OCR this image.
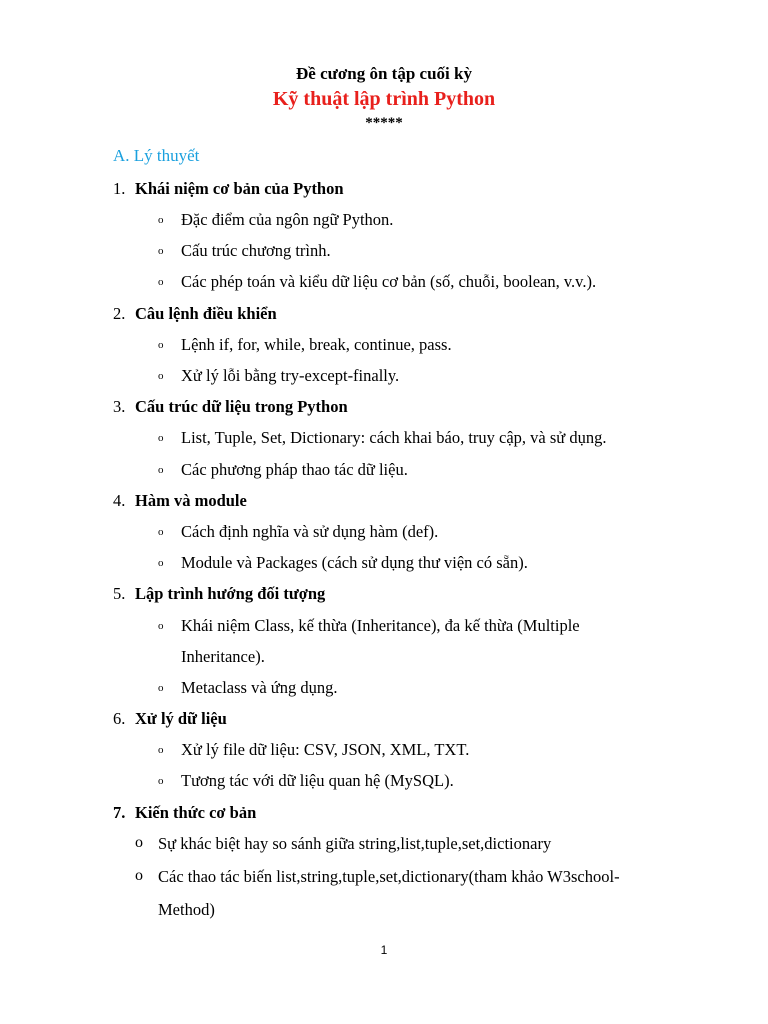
Đề cương ôn tập cuối kỳ
Kỹ thuật lập trình Python
*****
A. Lý thuyết
1. Khái niệm cơ bản của Python
o Đặc điểm của ngôn ngữ Python.
o Cấu trúc chương trình.
o Các phép toán và kiểu dữ liệu cơ bản (số, chuỗi, boolean, v.v.).
2. Câu lệnh điều khiển
o Lệnh if, for, while, break, continue, pass.
o Xử lý lỗi bằng try-except-finally.
3. Cấu trúc dữ liệu trong Python
o List, Tuple, Set, Dictionary: cách khai báo, truy cập, và sử dụng.
o Các phương pháp thao tác dữ liệu.
4. Hàm và module
o Cách định nghĩa và sử dụng hàm (def).
o Module và Packages (cách sử dụng thư viện có sẵn).
5. Lập trình hướng đối tượng
o Khái niệm Class, kế thừa (Inheritance), đa kế thừa (Multiple
Inheritance).
o Metaclass và ứng dụng.
6. Xử lý dữ liệu
o Xử lý file dữ liệu: CSV, JSON, XML, TXT.
o Tương tác với dữ liệu quan hệ (MySQL).
7. Kiến thức cơ bản
o Sự khác biệt hay so sánh giữa string,list,tuple,set,dictionary
o Các thao tác biến list,string,tuple,set,dictionary(tham khảo W3school-
Method)
1
